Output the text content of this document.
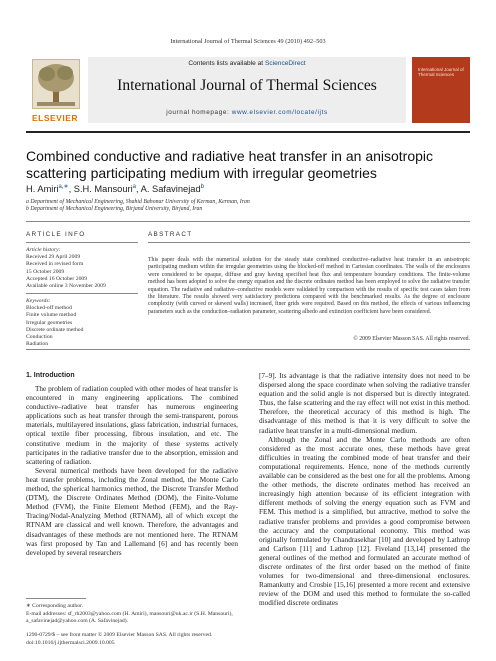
International Journal of Thermal Sciences 49 (2010) 492–503
ELSEVIER
Contents lists available at ScienceDirect
International Journal of Thermal Sciences
journal homepage: www.elsevier.com/locate/ijts
International Journal of Thermal Sciences
Combined conductive and radiative heat transfer in an anisotropic scattering participating medium with irregular geometries
H. Amiri$^{a,∗}$, S.H. Mansouri$^a$, A. Safavinejad$^b$
a Department of Mechanical Engineering, Shahid Bahonar University of Kerman, Kerman, Iran
b Department of Mechanical Engineering, Birjand University, Birjand, Iran
ARTICLE INFO
Article history:
Received 29 April 2009
Received in revised form
15 October 2009
Accepted 16 October 2009
Available online 3 November 2009
Keywords:
Blocked-off method
Finite volume method
Irregular geometries
Discrete ordinate method
Conduction
Radiation
ABSTRACT
This paper deals with the numerical solution for the steady state combined conductive–radiative heat transfer in an anisotropic participating medium within the irregular geometries using the blocked-off method in Cartesian coordinates. The walls of the enclosures were considered to be opaque, diffuse and gray having specified heat flux and temperature boundary conditions. The finite-volume method has been adopted to solve the energy equation and the discrete ordinates method has been employed to solve the radiative transfer equation. The radiative and radiative–conductive models were validated by comparison with the results of specific test cases taken from the literature. The results showed very satisfactory predictions compared with the benchmarked results. As the degree of enclosure complexity (with curved or skewed walls) increased, finer grids were required. Based on this method, the effects of various influencing parameters such as the conduction–radiation parameter, scattering albedo and extinction coefficient have been considered.
© 2009 Elsevier Masson SAS. All rights reserved.
1. Introduction

The problem of radiation coupled with other modes of heat transfer is encountered in many engineering applications. The combined conductive–radiative heat transfer has numerous engineering applications such as heat transfer through the semi-transparent, porous materials, multilayered insulations, glass fabrication, industrial furnaces, optical textile fiber processing, fibrous insulation, and etc. The constitutive medium in the majority of these systems actively participates in the radiative transfer due to the absorption, emission and scattering of radiation.

Several numerical methods have been developed for the radiative heat transfer problems, including the Zonal method, the Monte Carlo method, the spherical harmonics method, the Discrete Transfer Method (DTM), the Discrete Ordinates Method (DOM), the Finite-Volume Method (FVM), the Finite Element Method (FEM), and the Ray-Tracing/Nodal-Analyzing Method (RTNAM), all of which except the RTNAM are classical and well known. Therefore, the advantages and disadvantages of these methods are not mentioned here. The RTNAM was first proposed by Tan and Lallemand [6] and has recently been developed by several researchers

[7–9]. Its advantage is that the radiative intensity does not need to be dispersed along the space coordinate when solving the radiative transfer equation and the solid angle is not dispersed but is directly integrated. Thus, the false scattering and the ray effect will not exist in this method. Therefore, the theoretical accuracy of this method is high. The disadvantage of this method is that it is very difficult to solve the radiative heat transfer in a multi-dimensional medium.

Although the Zonal and the Monte Carlo methods are often considered as the most accurate ones, these methods have great difficulties in treating the combined mode of heat transfer and their computational requirements. Hence, none of the methods currently available can be considered as the best one for all the problems. Among the other methods, the discrete ordinates method has received an increasingly high attention because of its efficient integration with different methods of solving the energy equation such as FVM and FEM. This method is a simplified, but attractive, method to solve the radiative transfer problems and provides a good compromise between the accuracy and the computational economy. This method was originally formulated by Chandrasekhar [10] and developed by Lathrop and Carlson [11] and Lathrop [12]. Fiveland [13,14] presented the general outlines of the method and formulated an accurate method of discrete ordinates of the first order based on the method of finite volumes for two-dimensional and three-dimensional enclosures. Ramankutty and Crosbie [15,16] presented a more recent and extensive review of the DOM and used this method to formulate the so-called modified discrete ordinates

∗ Corresponding author.
E-mail addresses: sf_rh2003@yahoo.com (H. Amiri), mansouri@uk.ac.ir (S.H. Mansouri), a_safavinejad@yahoo.com (A. Safavinejad).
1290-0729/$ – see front matter © 2009 Elsevier Masson SAS. All rights reserved.
doi:10.1016/j.ijthermalsci.2009.10.005
